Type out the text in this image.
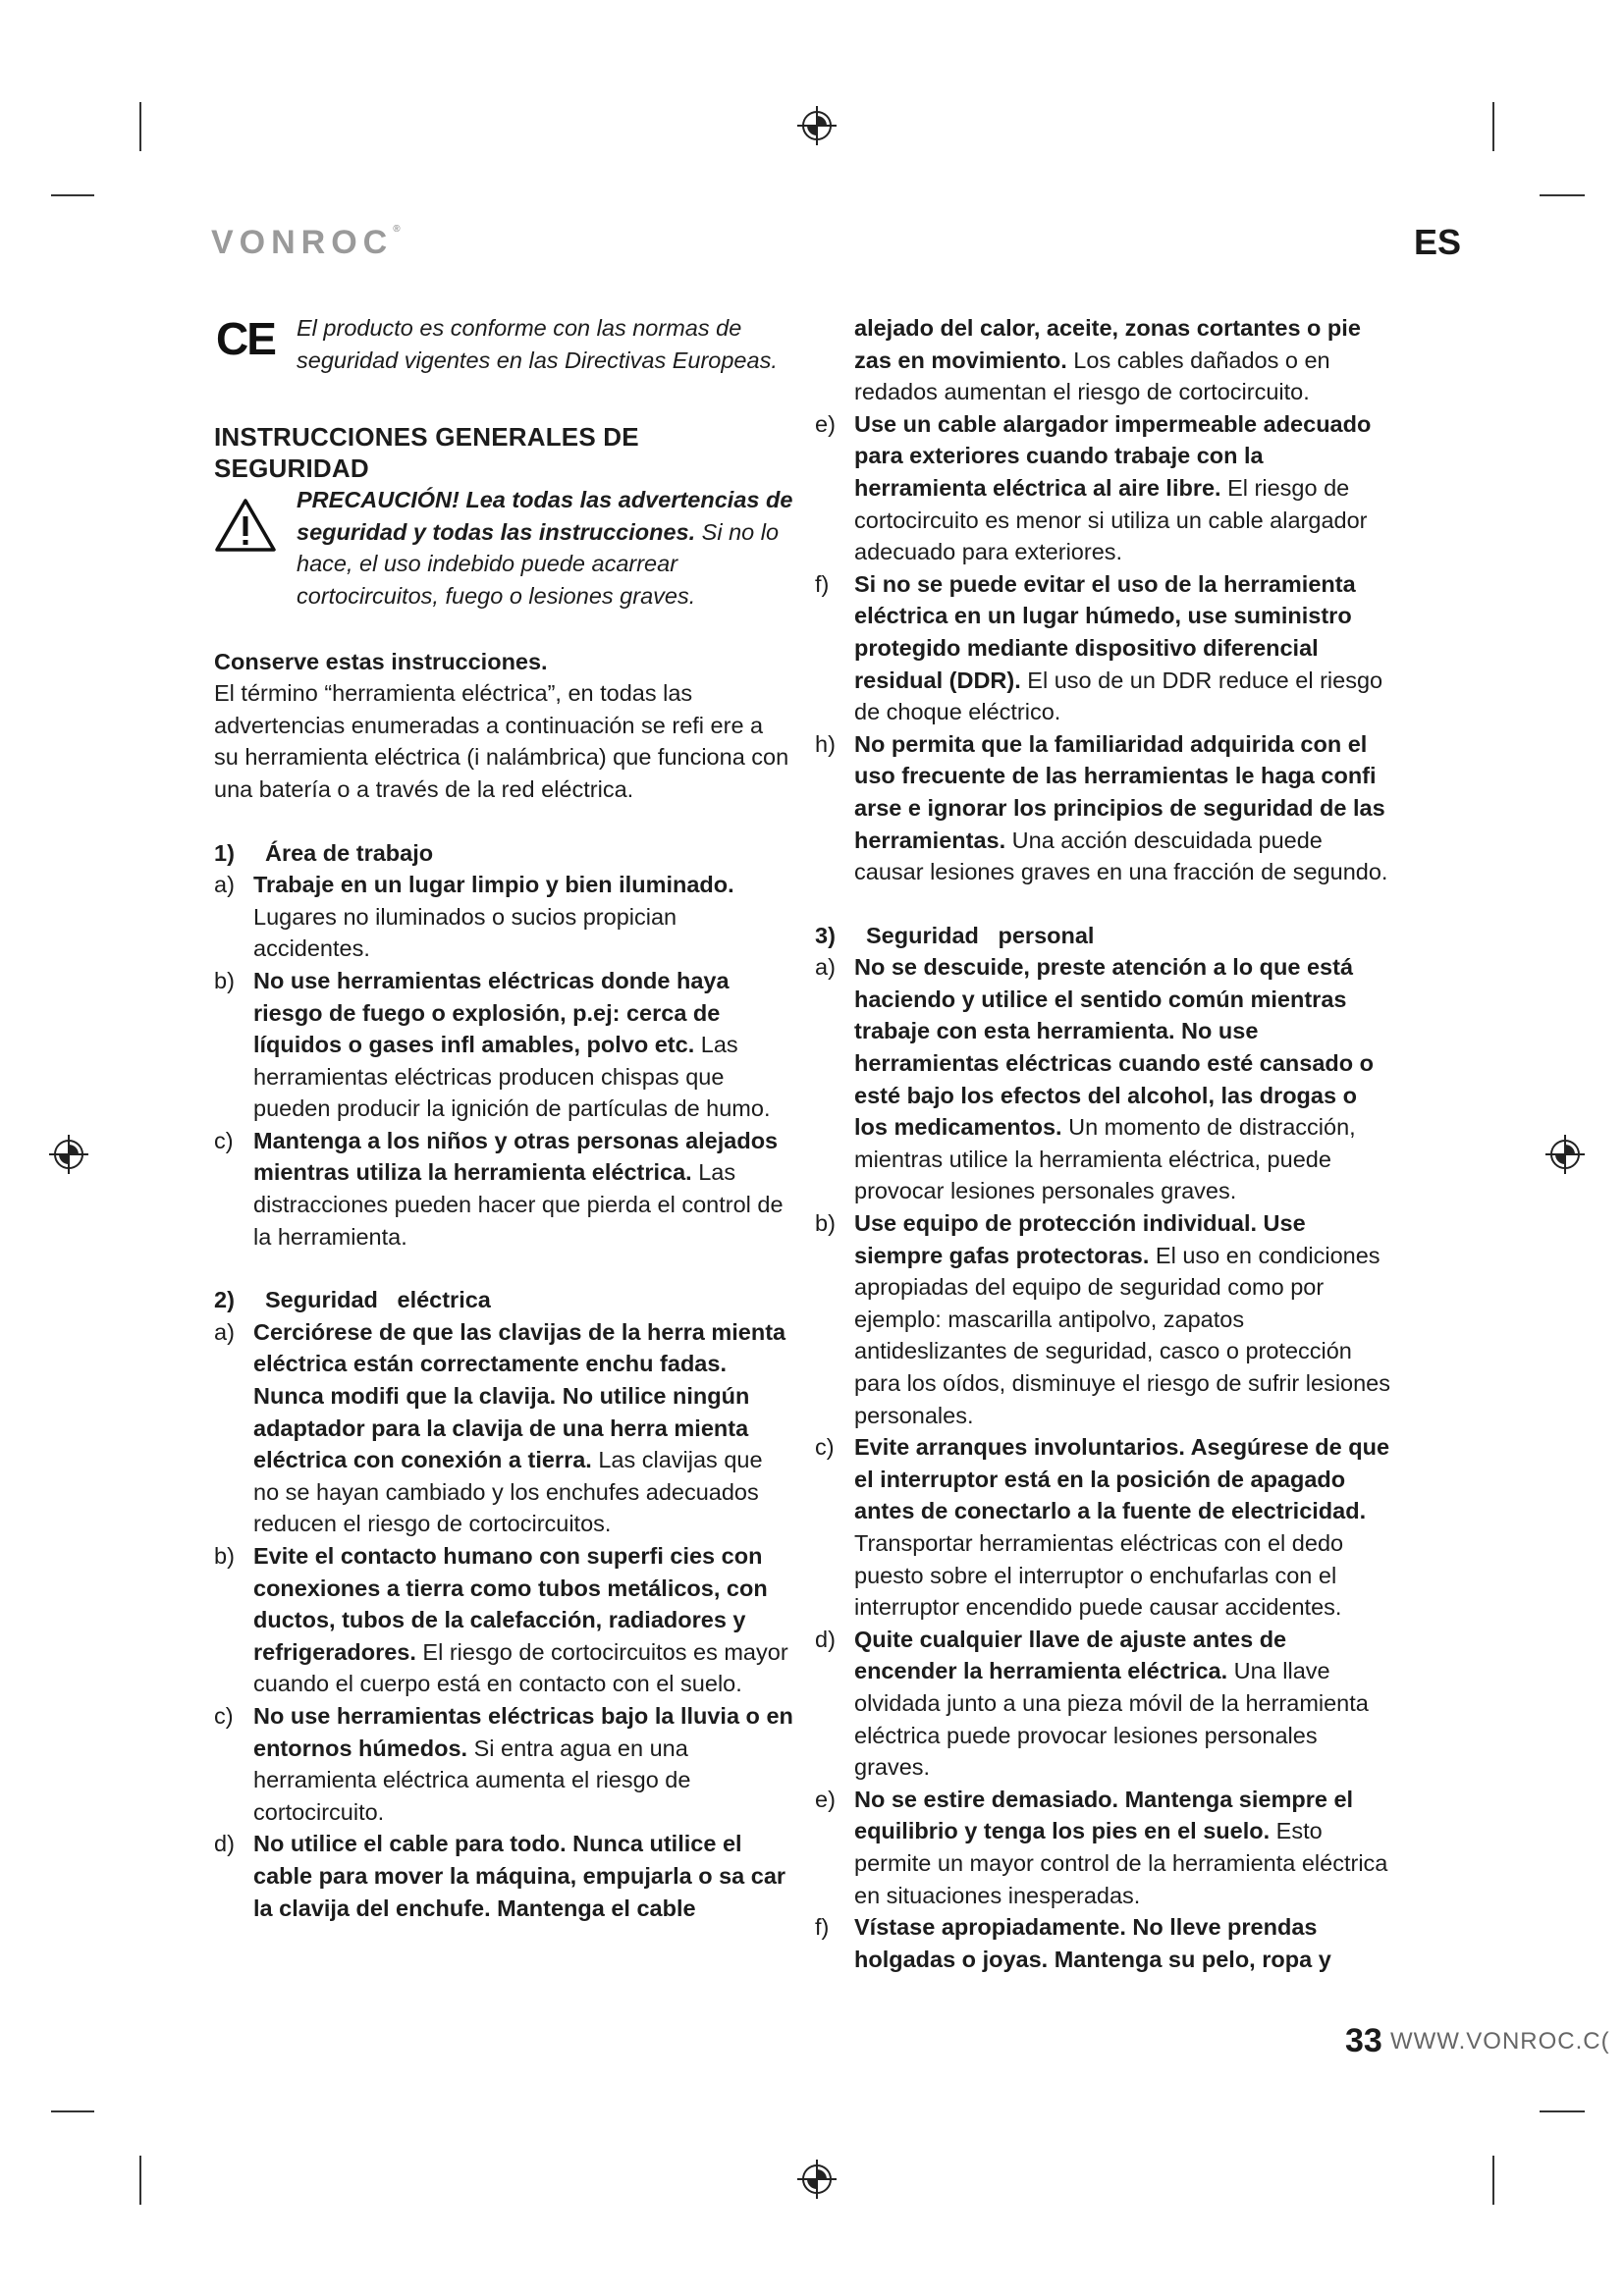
VONROC®	ES
CE El producto es conforme con las normas de seguridad vigentes en las Directivas Europeas.
INSTRUCCIONES GENERALES DE SEGURIDAD
PRECAUCIÓN! Lea todas las advertencias de seguridad y todas las instrucciones. Si no lo hace, el uso indebido puede acarrear cortocircuitos, fuego o lesiones graves.
Conserve estas instrucciones.
El término “herramienta eléctrica”, en todas las advertencias enumeradas a continuación se refi ere a su herramienta eléctrica (i nalámbrica) que funciona con una batería o a través de la red eléctrica.
1) Área de trabajo
a) Trabaje en un lugar limpio y bien iluminado. Lugares no iluminados o sucios propician accidentes.
b) No use herramientas eléctricas donde haya riesgo de fuego o explosión, p.ej: cerca de líquidos o gases infl amables, polvo etc. Las herramientas eléctricas producen chispas que pueden producir la ignición de partículas de humo.
c) Mantenga a los niños y otras personas alejados mientras utiliza la herramienta eléctrica. Las distracciones pueden hacer que pierda el control de la herramienta.
2) Seguridad   eléctrica
a) Cerciórese de que las clavijas de la herra mienta eléctrica están correctamente enchu fadas. Nunca modifi que la clavija. No utilice ningún adaptador para la clavija de una herra mienta eléctrica con conexión a tierra. Las clavijas que no se hayan cambiado y los enchufes adecuados reducen el riesgo de cortocircuitos.
b) Evite el contacto humano con superfi cies con conexiones a tierra como tubos metálicos, con ductos, tubos de la calefacción, radiadores y refrigeradores. El riesgo de cortocircuitos es mayor cuando el cuerpo está en contacto con el suelo.
c) No use herramientas eléctricas bajo la lluvia o en entornos húmedos. Si entra agua en una herramienta eléctrica aumenta el riesgo de cortocircuito.
d) No utilice el cable para todo. Nunca utilice el cable para mover la máquina, empujarla o sa car la clavija del enchufe. Mantenga el cable
alejado del calor, aceite, zonas cortantes o pie zas en movimiento. Los cables dañados o en redados aumentan el riesgo de cortocircuito.
e) Use un cable alargador impermeable adecuado para exteriores cuando trabaje con la herramienta eléctrica al aire libre. El riesgo de cortocircuito es menor si utiliza un cable alargador adecuado para exteriores.
f) Si no se puede evitar el uso de la herramienta eléctrica en un lugar húmedo, use suministro protegido mediante dispositivo diferencial residual (DDR). El uso de un DDR reduce el riesgo de choque eléctrico.
h) No permita que la familiaridad adquirida con el uso frecuente de las herramientas le haga confi arse e ignorar los principios de seguridad de las herramientas. Una acción descuidada puede causar lesiones graves en una fracción de segundo.
3) Seguridad   personal
a) No se descuide, preste atención a lo que está haciendo y utilice el sentido común mientras trabaje con esta herramienta. No use herramientas eléctricas cuando esté cansado o esté bajo los efectos del alcohol, las drogas o los medicamentos. Un momento de distracción, mientras utilice la herramienta eléctrica, puede provocar lesiones personales graves.
b) Use equipo de protección individual. Use siempre gafas protectoras. El uso en condiciones apropiadas del equipo de seguridad como por ejemplo: mascarilla antipolvo, zapatos antideslizantes de seguridad, casco o protección para los oídos, disminuye el riesgo de sufrir lesiones personales.
c) Evite arranques involuntarios. Asegúrese de que el interruptor está en la posición de apagado antes de conectarlo a la fuente de electricidad. Transportar herramientas eléctricas con el dedo puesto sobre el interruptor o enchufarlas con el interruptor encendido puede causar accidentes.
d) Quite cualquier llave de ajuste antes de encender la herramienta eléctrica. Una llave olvidada junto a una pieza móvil de la herramienta eléctrica puede provocar lesiones personales graves.
e) No se estire demasiado. Mantenga siempre el equilibrio y tenga los pies en el suelo. Esto permite un mayor control de la herramienta eléctrica en situaciones inesperadas.
f) Vístase apropiadamente. No lleve prendas holgadas o joyas. Mantenga su pelo, ropa y
33 WWW.VONROC.C(
